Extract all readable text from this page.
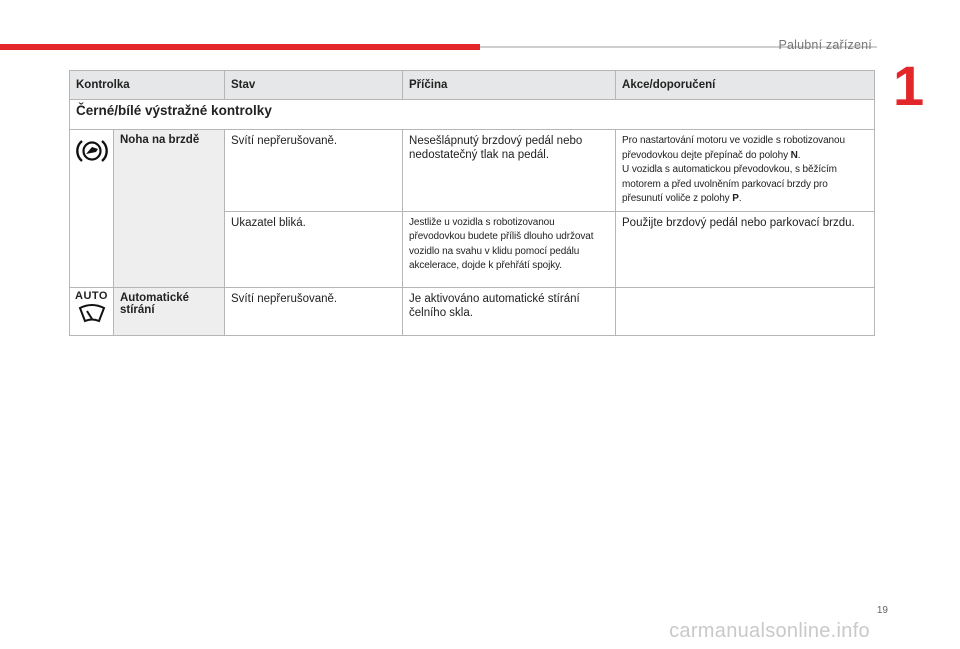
Palubní zařízení
1
Kontrolka		Stav	Příčina	Akce/doporučení
Černé/bílé výstražné kontrolky				
	Noha na brzdě	Svítí nepřerušovaně.	Nesešlápnutý brzdový pedál nebo nedostatečný tlak na pedál.	Pro nastartování motoru ve vozidle s robotizovanou převodovkou dejte přepínač do polohy N.
U vozidla s automatickou převodovkou, s běžícím motorem a před uvolněním parkovací brzdy pro přesunutí voliče z polohy P.
		Ukazatel bliká.	Jestliže u vozidla s robotizovanou převodovkou budete příliš dlouho udržovat vozidlo na svahu v klidu pomocí pedálu akcelerace, dojde k přehřátí spojky.	Použijte brzdový pedál nebo parkovací brzdu.

AUTO	Automatické stírání	Svítí nepřerušovaně.	Je aktivováno automatické stírání čelního skla.	
19
carmanualsonline.info
